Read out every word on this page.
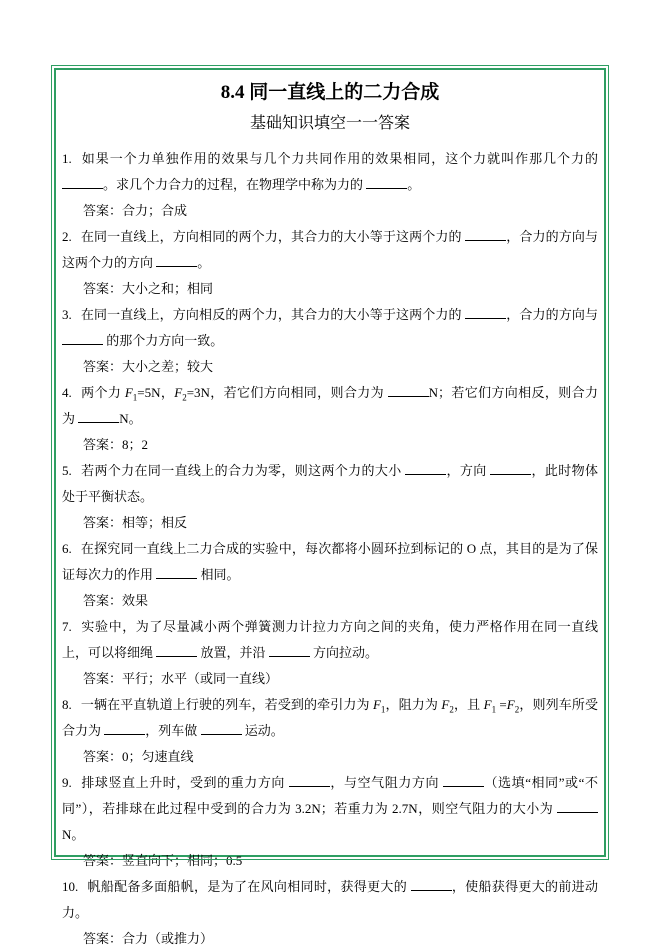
8.4 同一直线上的二力合成
基础知识填空一一答案

1. 如果一个力单独作用的效果与几个力共同作用的效果相同，这个力就叫作那几个力的 。求几个力合力的过程，在物理学中称为力的	。

答案：合力；合成

2. 在同一直线上，方向相同的两个力，其合力的大小等于这两个力的	，合力的方向与这两个力的方向	。

答案：大小之和；相同

3. 在同一直线上，方向相反的两个力，其合力的大小等于这两个力的	，合力的方向与  的那个力方向一致。

答案：大小之差；较大

4. 两个力 $F_1=5N$，$F_2=3N$，若它们方向相同，则合力为	N；若它们方向相反，则合力为	N。

答案：8；2

5. 若两个力在同一直线上的合力为零，则这两个力的大小	，方向	，此时物体处于平衡状态。

答案：相等；相反

6. 在探究同一直线上二力合成的实验中，每次都将小圆环拉到标记的 O 点，其目的是为了保证每次力的作用	相同。

答案：效果

7. 实验中，为了尽量减小两个弹簧测力计拉力方向之间的夹角，使力严格作用在同一直线上，可以将细绳	放置，并沿	方向拉动。

答案：平行；水平（或同一直线）

8. 一辆在平直轨道上行驶的列车，若受到的牵引力为 $F_1$，阻力为 $F_2$，且 $F_1 =F_2$，则列车所受合力为	，列车做	运动。

答案：0；匀速直线

9. 排球竖直上升时，受到的重力方向	，与空气阻力方向	（选填“相同”或“不同”），若排球在此过程中受到的合力为 3.2N；若重力为 2.7N，则空气阻力的大小为 N。

答案：竖直向下；相同；0.5

10. 帆船配备多面船帆，是为了在风向相同时，获得更大的	，使船获得更大的前进动力。

答案：合力（或推力）
